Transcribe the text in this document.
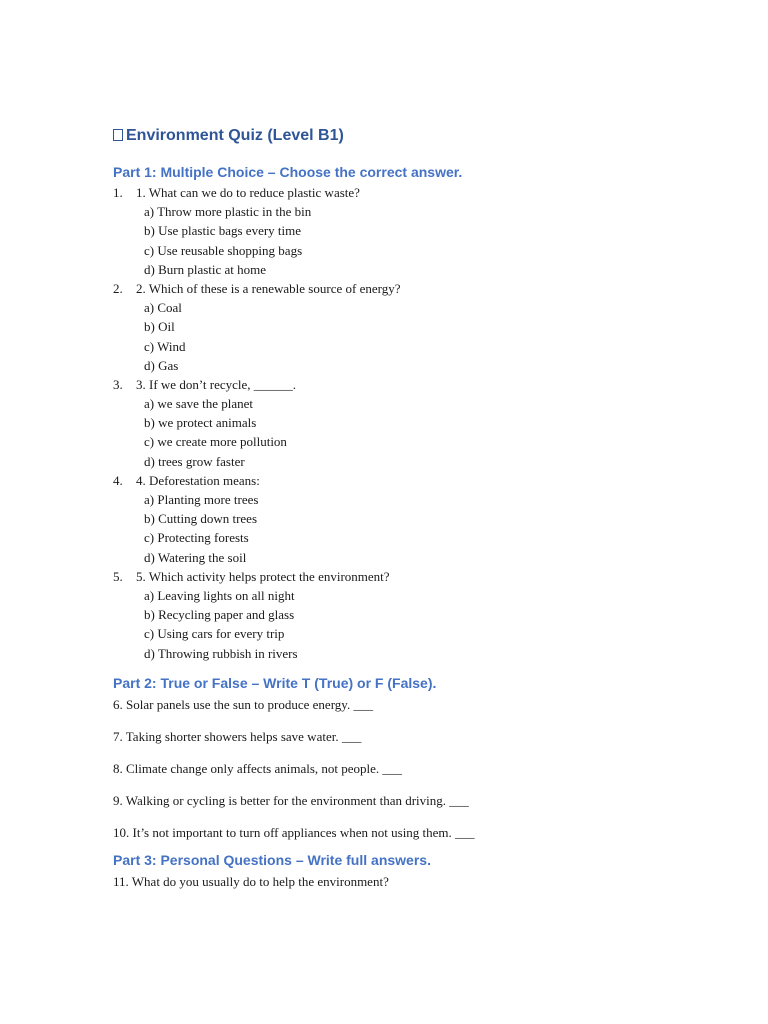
Environment Quiz (Level B1)
Part 1: Multiple Choice – Choose the correct answer.
1.	1. What can we do to reduce plastic waste?
a) Throw more plastic in the bin
b) Use plastic bags every time
c) Use reusable shopping bags
d) Burn plastic at home
2.	2. Which of these is a renewable source of energy?
a) Coal
b) Oil
c) Wind
d) Gas
3.	3. If we don’t recycle, ______.
a) we save the planet
b) we protect animals
c) we create more pollution
d) trees grow faster
4.	4. Deforestation means:
a) Planting more trees
b) Cutting down trees
c) Protecting forests
d) Watering the soil
5.	5. Which activity helps protect the environment?
a) Leaving lights on all night
b) Recycling paper and glass
c) Using cars for every trip
d) Throwing rubbish in rivers
Part 2: True or False – Write T (True) or F (False).
6. Solar panels use the sun to produce energy. ___
7. Taking shorter showers helps save water. ___
8. Climate change only affects animals, not people. ___
9. Walking or cycling is better for the environment than driving. ___
10. It’s not important to turn off appliances when not using them. ___
Part 3: Personal Questions – Write full answers.
11. What do you usually do to help the environment?
